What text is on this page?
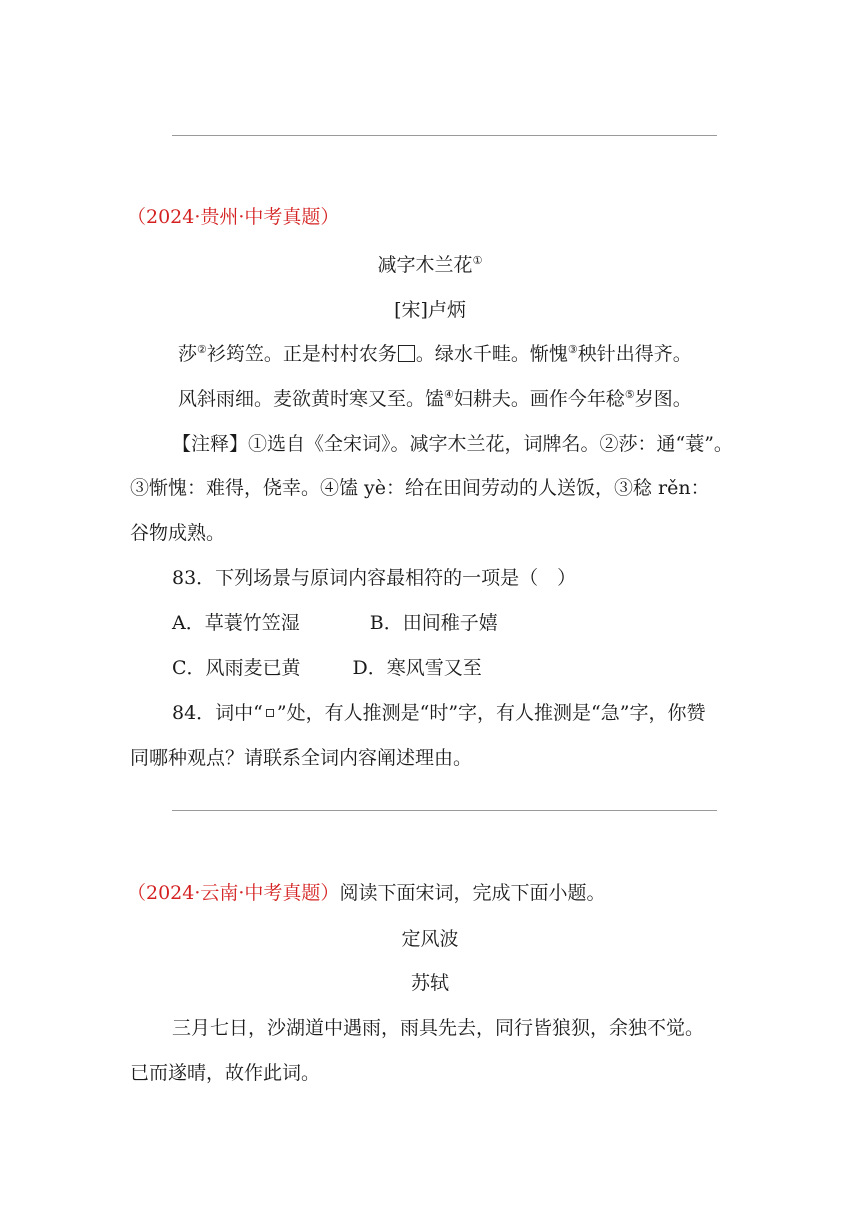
（2024·贵州·中考真题）
减字木兰花①
[宋]卢炳
莎②衫筠笠。正是村村农务 。绿水千畦。惭愧③秧针出得齐。
风斜雨细。麦欲黄时寒又至。馌④妇耕夫。画作今年稔⑤岁图。
【注释】①选自《全宋词》。减字木兰花，词牌名。②莎：通“蓑”。
③惭愧：难得，侥幸。④馌 yè：给在田间劳动的人送饭，③稔 rěn：
谷物成熟。
83．下列场景与原词内容最相符的一项是（　）
A．草蓑竹笠湿	B．田间稚子嬉
C．风雨麦已黄	D．寒风雪又至
84．词中“ ”处，有人推测是“时”字，有人推测是“急”字，你赞
同哪种观点？请联系全词内容阐述理由。
（2024·云南·中考真题）阅读下面宋词，完成下面小题。
定风波
苏轼
三月七日，沙湖道中遇雨，雨具先去，同行皆狼狈，余独不觉。
已而遂晴，故作此词。
